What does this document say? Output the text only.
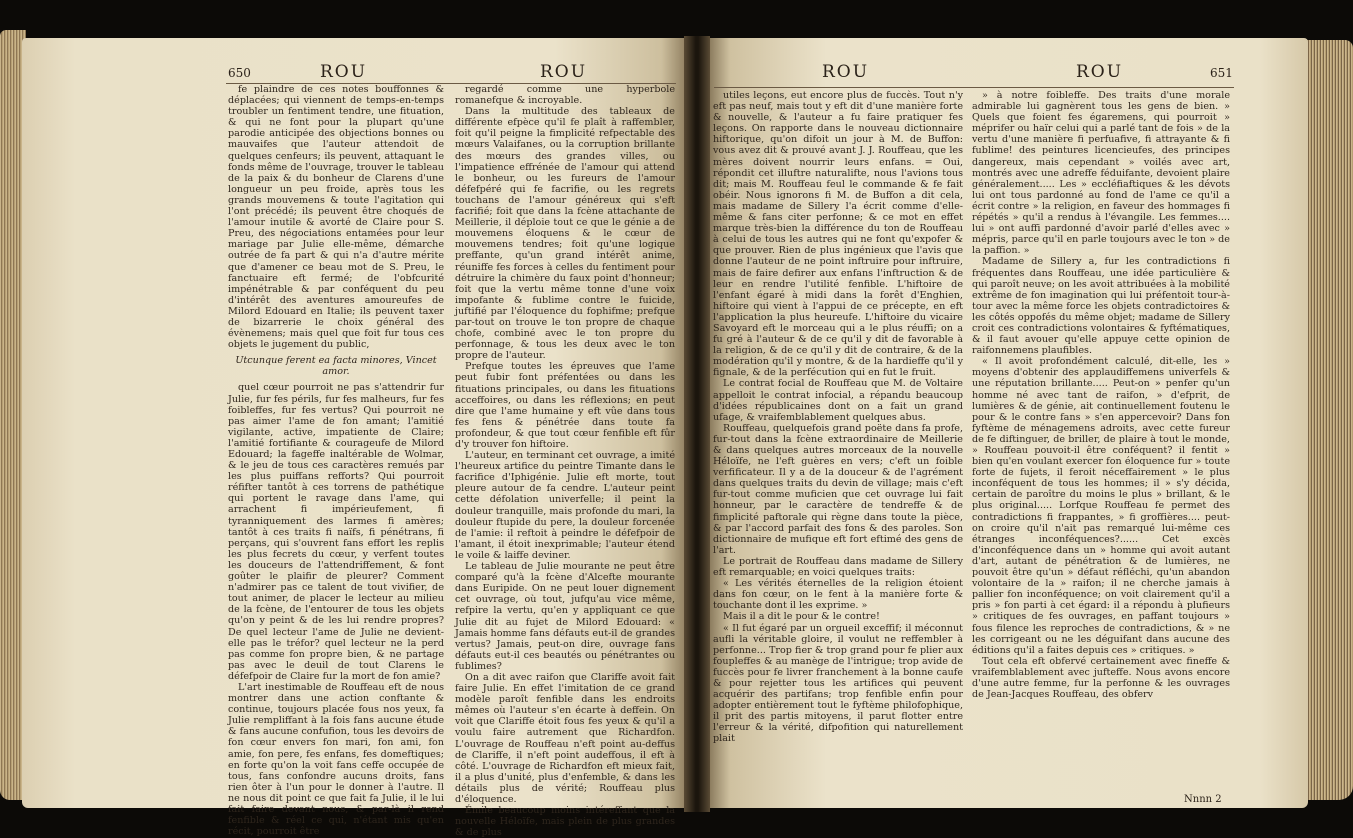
650	ROU	ROU	ROU	ROU	651

fe plaindre de ces notes bouffonnes & déplacées; qui viennent de temps-en-temps troubler un fentiment tendre, une fituation, & qui ne font pour la plupart qu'une parodie anticipée des objections bonnes ou mauvaifes que l'auteur attendoit de quelques cenfeurs; ils peuvent, attaquant le fonds même de l'ouvrage, trouver le tableau de la paix & du bonheur de Clarens d'une longueur un peu froide, après tous les grands mouvemens & toute l'agitation qui l'ont précédé; ils peuvent être choqués de l'amour inutile & avorté de Claire pour S. Preu, des négociations entamées pour leur mariage par Julie elle-même, démarche outrée de fa part & qui n'a d'autre mérite que d'amener ce beau mot de S. Preu, le fanctuaire eft fermé; de l'obfcurité impénétrable & par conféquent du peu d'intérêt des aventures amoureufes de Milord Edouard en Italie; ils peuvent taxer de bizarrerie le choix général des évènemens; mais quel que foit fur tous ces objets le jugement du public,

Utcunque ferent ea facta minores, Vincet amor.

quel cœur pourroit ne pas s'attendrir fur Julie, fur fes périls, fur fes malheurs, fur fes foibleffes, fur fes vertus? Qui pourroit ne pas aimer l'ame de fon amant; l'amitié vigilante, active, impatiente de Claire; l'amitié fortifiante & courageufe de Milord Edouard; la fageffe inaltérable de Wolmar, & le jeu de tous ces caractères remués par les plus puiffans refforts? Qui pourroit réfifter tantôt à ces torrens de pathétique qui portent le ravage dans l'ame, qui arrachent fi impérieufement, fi tyranniquement des larmes fi amères; tantôt à ces traits fi naïfs, fi pénétrans, fi perçans, qui s'ouvrent fans effort les replis les plus fecrets du cœur, y verfent toutes les douceurs de l'attendriffement, & font goûter le plaifir de pleurer? Comment n'admirer pas ce talent de tout vivifier, de tout animer, de placer le lecteur au milieu de la fcène, de l'entourer de tous les objets qu'on y peint & de les lui rendre propres? De quel lecteur l'ame de Julie ne devient-elle pas le tréfor? quel lecteur ne la perd pas comme fon propre bien, & ne partage pas avec le deuil de tout Clarens le défefpoir de Claire fur la mort de fon amie?

L'art inestimable de Rouffeau eft de nous montrer dans une action conftante & continue, toujours placée fous nos yeux, fa Julie rempliffant à la fois fans aucune étude & fans aucune confufion, tous les devoirs de fon cœur envers fon mari, fon ami, fon amie, fon pere, fes enfans, fes domeftiques; en forte qu'on la voit fans ceffe occupée de tous, fans confondre aucuns droits, fans rien ôter à l'un pour le donner à l'autre. Il ne nous dit point ce que fait fa Julie, il le lui fait faire devant nous, & par-là il rend fenfible & réel ce qui, n'étant mis qu'en récit, pourroit être

regardé comme une hyperbole romanefque & incroyable.

Dans la multitude des tableaux de différente efpèce qu'il fe plaît à raffembler, foit qu'il peigne la fimplicité refpectable des mœurs Valaifanes, ou la corruption brillante des mœurs des grandes villes, ou l'impatience effrénée de l'amour qui attend le bonheur, ou les fureurs de l'amour défefpéré qui fe facrifie, ou les regrets touchans de l'amour généreux qui s'eft facrifié; foit que dans la fcène attachante de Meillerie, il déploie tout ce que le génie a de mouvemens éloquens & le cœur de mouvemens tendres; foit qu'une logique preffante, qu'un grand intérêt anime, réuniffe fes forces à celles du fentiment pour détruire la chimère du faux point d'honneur; foit que la vertu même tonne d'une voix impofante & fublime contre le fuicide, juftifié par l'éloquence du fophifme; prefque par-tout on trouve le ton propre de chaque chofe, combiné avec le ton propre du perfonnage, & tous les deux avec le ton propre de l'auteur.

Prefque toutes les épreuves que l'ame peut fubir font préfentées ou dans les fituations principales, ou dans les fituations acceffoires, ou dans les réflexions; en peut dire que l'ame humaine y eft vûe dans tous fes fens & pénétrée dans toute fa profondeur, & que tout cœur fenfible eft fûr d'y trouver fon hiftoire.

L'auteur, en terminant cet ouvrage, a imité l'heureux artifice du peintre Timante dans le facrifice d'Iphigénie. Julie eft morte, tout pleure autour de fa cendre. L'auteur peint cette défolation univerfelle; il peint la douleur tranquille, mais profonde du mari, la douleur ftupide du pere, la douleur forcenée de l'amie: il reftoit à peindre le défefpoir de l'amant, il étoit inexprimable; l'auteur étend le voile & laiffe deviner.

Le tableau de Julie mourante ne peut être comparé qu'à la fcène d'Alcefte mourante dans Euripide. On ne peut louer dignement cet ouvrage, où tout, jufqu'au vice même, refpire la vertu, qu'en y appliquant ce que Julie dit au fujet de Milord Edouard: « Jamais homme fans défauts eut-il de grandes vertus? Jamais, peut-on dire, ouvrage fans défauts eut-il ces beautés ou pénétrantes ou fublimes?

On a dit avec raifon que Clariffe avoit fait faire Julie. En effet l'imitation de ce grand modèle paroît fenfible dans les endroits mêmes où l'auteur s'en écarte à deffein. On voit que Clariffe étoit fous fes yeux & qu'il a voulu faire autrement que Richardfon. L'ouvrage de Rouffeau n'eft point au-deffus de Clariffe, il n'eft point audeffous, il eft à côté. L'ouvrage de Richardfon eft mieux fait, il a plus d'unité, plus d'enfemble, & dans les détails plus de vérité; Rouffeau plus d'éloquence.

Émile beaucoup moins intéreffant que la nouvelle Héloïfe, mais plein de plus grandes & de plus

utiles leçons, eut encore plus de fuccès. Tout n'y eft pas neuf, mais tout y eft dit d'une manière forte & nouvelle, & l'auteur a fu faire pratiquer fes leçons. On rapporte dans le nouveau dictionnaire hiftorique, qu'on difoit un jour à M. de Buffon: vous avez dit & prouvé avant J. J. Rouffeau, que les mères doivent nourrir leurs enfans. = Oui, répondit cet illuftre naturalifte, nous l'avions tous dit; mais M. Rouffeau feul le commande & fe fait obéir. Nous ignorons fi M. de Buffon a dit cela, mais madame de Sillery l'a écrit comme d'elle-même & fans citer perfonne; & ce mot en effet marque très-bien la différence du ton de Rouffeau à celui de tous les autres qui ne font qu'expofer & que prouver. Rien de plus ingénieux que l'avis que donne l'auteur de ne point inftruire pour inftruire, mais de faire defirer aux enfans l'inftruction & de leur en rendre l'utilité fenfible. L'hiftoire de l'enfant égaré à midi dans la forêt d'Enghien, hiftoire qui vient à l'appui de ce précepte, en eft l'application la plus heureufe. L'hiftoire du vicaire Savoyard eft le morceau qui a le plus réuffi; on a fu gré à l'auteur & de ce qu'il y dit de favorable à la religion, & de ce qu'il y dit de contraire, & de la modération qu'il y montre, & de la hardieffe qu'il y fignale, & de la perfécution qui en fut le fruit.

Le contrat focial de Rouffeau que M. de Voltaire appelloit le contrat infocial, a répandu beaucoup d'idées républicaines dont on a fait un grand ufage, & vraifemblablement quelques abus.

Rouffeau, quelquefois grand poëte dans fa profe, fur-tout dans la fcène extraordinaire de Meillerie & dans quelques autres morceaux de la nouvelle Héloïfe, ne l'eft guères en vers; c'eft un foible verfificateur. Il y a de la douceur & de l'agrément dans quelques traits du devin de village; mais c'eft fur-tout comme muficien que cet ouvrage lui fait honneur, par le caractère de tendreffe & de fimplicité paftorale qui règne dans toute la pièce, & par l'accord parfait des fons & des paroles. Son dictionnaire de mufique eft fort eftimé des gens de l'art.

Le portrait de Rouffeau dans madame de Sillery eft remarquable; en voici quelques traits:

« Les vérités éternelles de la religion étoient dans fon cœur, on le fent à la manière forte & touchante dont il les exprime. »

Mais il a dit le pour & le contre!

« Il fut égaré par un orgueil exceffif; il méconnut aufli la véritable gloire, il voulut ne reffembler à perfonne... Trop fier & trop grand pour fe plier aux foupleffes & au manège de l'intrigue; trop avide de fuccès pour fe livrer franchement à la bonne caufe & pour rejetter tous les artifices qui peuvent acquérir des partifans; trop fenfible enfin pour adopter entièrement tout le fyftème philofophique, il prit des partis mitoyens, il parut flotter entre l'erreur & la vérité, difpofition qui naturellement plait

» à notre foibleffe. Des traits d'une morale admirable lui gagnèrent tous les gens de bien. » Quels que foient fes égaremens, qui pourroit » méprifer ou haïr celui qui a parlé tant de fois » de la vertu d'une manière fi perfuafive, fi attrayante & fi fublime! des peintures licencieufes, des principes dangereux, mais cependant » voilés avec art, montrés avec une adreffe féduifante, devoient plaire généralement..... Les » eccléfiaftiques & les dévots lui ont tous pardonné au fond de l'ame ce qu'il a écrit contre » la religion, en faveur des hommages fi répétés » qu'il a rendus à l'évangile. Les femmes.... lui » ont auffi pardonné d'avoir parlé d'elles avec » mépris, parce qu'il en parle toujours avec le ton » de la paffion. »

Madame de Sillery a, fur les contradictions fi fréquentes dans Rouffeau, une idée particulière & qui paroît neuve; on les avoit attribuées à la mobilité extrême de fon imagination qui lui préfentoit tour-à-tour avec la même force les objets contradictoires & les côtés oppofés du même objet; madame de Sillery croit ces contradictions volontaires & fyftématiques, & il faut avouer qu'elle appuye cette opinion de raifonnemens plaufibles.

« Il avoit profondément calculé, dit-elle, les » moyens d'obtenir des applaudiffemens univerfels & une réputation brillante..... Peut-on » penfer qu'un homme né avec tant de raifon, » d'efprit, de lumières & de génie, ait continuellement foutenu le pour & le contre fans » s'en appercevoir? Dans fon fyftème de ménagemens adroits, avec cette fureur de fe diftinguer, de briller, de plaire à tout le monde, » Rouffeau pouvoit-il être conféquent? il fentit » bien qu'en voulant exercer fon éloquence fur » toute forte de fujets, il feroit néceffairement » le plus inconféquent de tous les hommes; il » s'y décida, certain de paroître du moins le plus » brillant, & le plus original..... Lorfque Rouffeau fe permet des contradictions fi frappantes, » fi groffières.... peut-on croire qu'il n'ait pas remarqué lui-même ces étranges inconféquences?...... Cet excès d'inconféquence dans un » homme qui avoit autant d'art, autant de pénétration & de lumières, ne pouvoit être qu'un » défaut réfléchi, qu'un abandon volontaire de la » raifon; il ne cherche jamais à pallier fon inconféquence; on voit clairement qu'il a pris » fon parti à cet égard: il a répondu à plufieurs » critiques de fes ouvrages, en paffant toujours » fous filence les reproches de contradictions, & » ne les corrigeant ou ne les déguifant dans aucune des éditions qu'il a faites depuis ces » critiques. »

Tout cela eft obfervé certainement avec fineffe & vraifemblablement avec jufteffe. Nous avons encore d'une autre femme, fur la perfonne & les ouvrages de Jean-Jacques Rouffeau, des obferv

Nnnn 2
